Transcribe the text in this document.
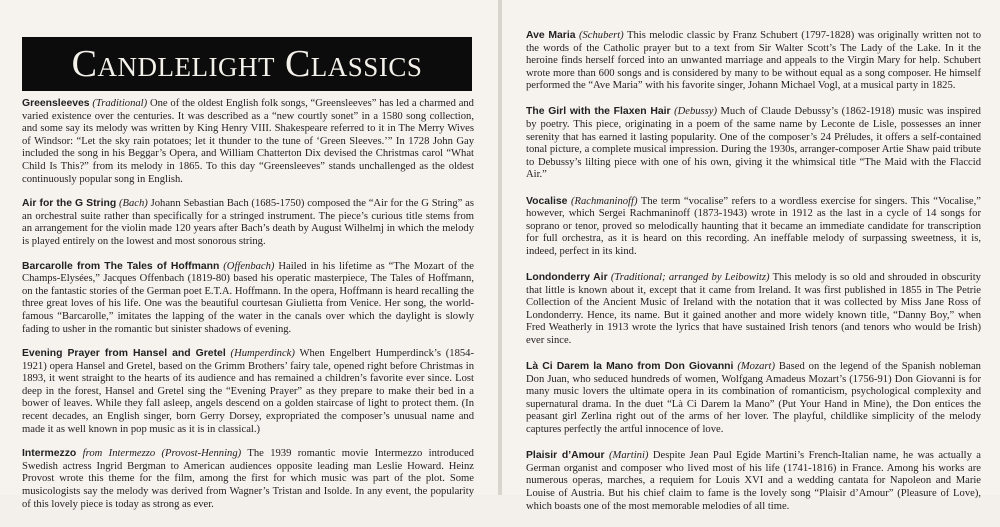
Candlelight Classics

Greensleeves (Traditional) One of the oldest English folk songs, “Greensleeves” has led a charmed and varied existence over the centuries. It was described as a “new courtly sonet” in a 1580 song collection, and some say its melody was written by King Henry VIII. Shakespeare referred to it in The Merry Wives of Windsor: “Let the sky rain potatoes; let it thunder to the tune of ‘Green Sleeves.’” In 1728 John Gay included the song in his Beggar’s Opera, and William Chatterton Dix devised the Christmas carol “What Child Is This?” from its melody in 1865. To this day “Greensleeves” stands unchallenged as the oldest continuously popular song in English.

Air for the G String (Bach) Johann Sebastian Bach (1685-1750) composed the “Air for the G String” as an orchestral suite rather than specifically for a stringed instrument. The piece’s curious title stems from an arrangement for the violin made 120 years after Bach’s death by August Wilhelmj in which the melody is played entirely on the lowest and most sonorous string.

Barcarolle from The Tales of Hoffmann (Offenbach) Hailed in his lifetime as “The Mozart of the Champs-Elysées,” Jacques Offenbach (1819-80) based his operatic masterpiece, The Tales of Hoffmann, on the fantastic stories of the German poet E.T.A. Hoffmann. In the opera, Hoffmann is heard recalling the three great loves of his life. One was the beautiful courtesan Giulietta from Venice. Her song, the world-famous “Barcarolle,” imitates the lapping of the water in the canals over which the daylight is slowly fading to usher in the romantic but sinister shadows of evening.

Evening Prayer from Hansel and Gretel (Humperdinck) When Engelbert Humperdinck’s (1854-1921) opera Hansel and Gretel, based on the Grimm Brothers’ fairy tale, opened right before Christmas in 1893, it went straight to the hearts of its audience and has remained a children’s favorite ever since. Lost deep in the forest, Hansel and Gretel sing the “Evening Prayer” as they prepare to make their bed in a bower of leaves. While they fall asleep, angels descend on a golden staircase of light to protect them. (In recent decades, an English singer, born Gerry Dorsey, expropriated the composer’s unusual name and made it as well known in pop music as it is in classical.)

Intermezzo from Intermezzo (Provost-Henning) The 1939 romantic movie Intermezzo introduced Swedish actress Ingrid Bergman to American audiences opposite leading man Leslie Howard. Heinz Provost wrote this theme for the film, among the first for which music was part of the plot. Some musicologists say the melody was derived from Wagner’s Tristan and Isolde. In any event, the popularity of this lovely piece is today as strong as ever.

Ave Maria (Schubert) This melodic classic by Franz Schubert (1797-1828) was originally written not to the words of the Catholic prayer but to a text from Sir Walter Scott’s The Lady of the Lake. In it the heroine finds herself forced into an unwanted marriage and appeals to the Virgin Mary for help. Schubert wrote more than 600 songs and is considered by many to be without equal as a song composer. He himself performed the “Ave Maria” with his favorite singer, Johann Michael Vogl, at a musical party in 1825.

The Girl with the Flaxen Hair (Debussy) Much of Claude Debussy’s (1862-1918) music was inspired by poetry. This piece, originating in a poem of the same name by Leconte de Lisle, possesses an inner serenity that has earned it lasting popularity. One of the composer’s 24 Préludes, it offers a self-contained tonal picture, a complete musical impression. During the 1930s, arranger-composer Artie Shaw paid tribute to Debussy’s lilting piece with one of his own, giving it the whimsical title “The Maid with the Flaccid Air.”

Vocalise (Rachmaninoff) The term “vocalise” refers to a wordless exercise for singers. This “Vocalise,” however, which Sergei Rachmaninoff (1873-1943) wrote in 1912 as the last in a cycle of 14 songs for soprano or tenor, proved so melodically haunting that it became an immediate candidate for transcription for full orchestra, as it is heard on this recording. An ineffable melody of surpassing sweetness, it is, indeed, perfect in its kind.

Londonderry Air (Traditional; arranged by Leibowitz) This melody is so old and shrouded in obscurity that little is known about it, except that it came from Ireland. It was first published in 1855 in The Petrie Collection of the Ancient Music of Ireland with the notation that it was collected by Miss Jane Ross of Londonderry. Hence, its name. But it gained another and more widely known title, “Danny Boy,” when Fred Weatherly in 1913 wrote the lyrics that have sustained Irish tenors (and tenors who would be Irish) ever since.

Là Ci Darem la Mano from Don Giovanni (Mozart) Based on the legend of the Spanish nobleman Don Juan, who seduced hundreds of women, Wolfgang Amadeus Mozart’s (1756-91) Don Giovanni is for many music lovers the ultimate opera in its combination of romanticism, psychological complexity and supernatural drama. In the duet “Là Ci Darem la Mano” (Put Your Hand in Mine), the Don entices the peasant girl Zerlina right out of the arms of her lover. The playful, childlike simplicity of the melody captures perfectly the artful innocence of love.

Plaisir d’Amour (Martini) Despite Jean Paul Egide Martini’s French-Italian name, he was actually a German organist and composer who lived most of his life (1741-1816) in France. Among his works are numerous operas, marches, a requiem for Louis XVI and a wedding cantata for Napoleon and Marie Louise of Austria. But his chief claim to fame is the lovely song “Plaisir d’Amour” (Pleasure of Love), which boasts one of the most memorable melodies of all time.
